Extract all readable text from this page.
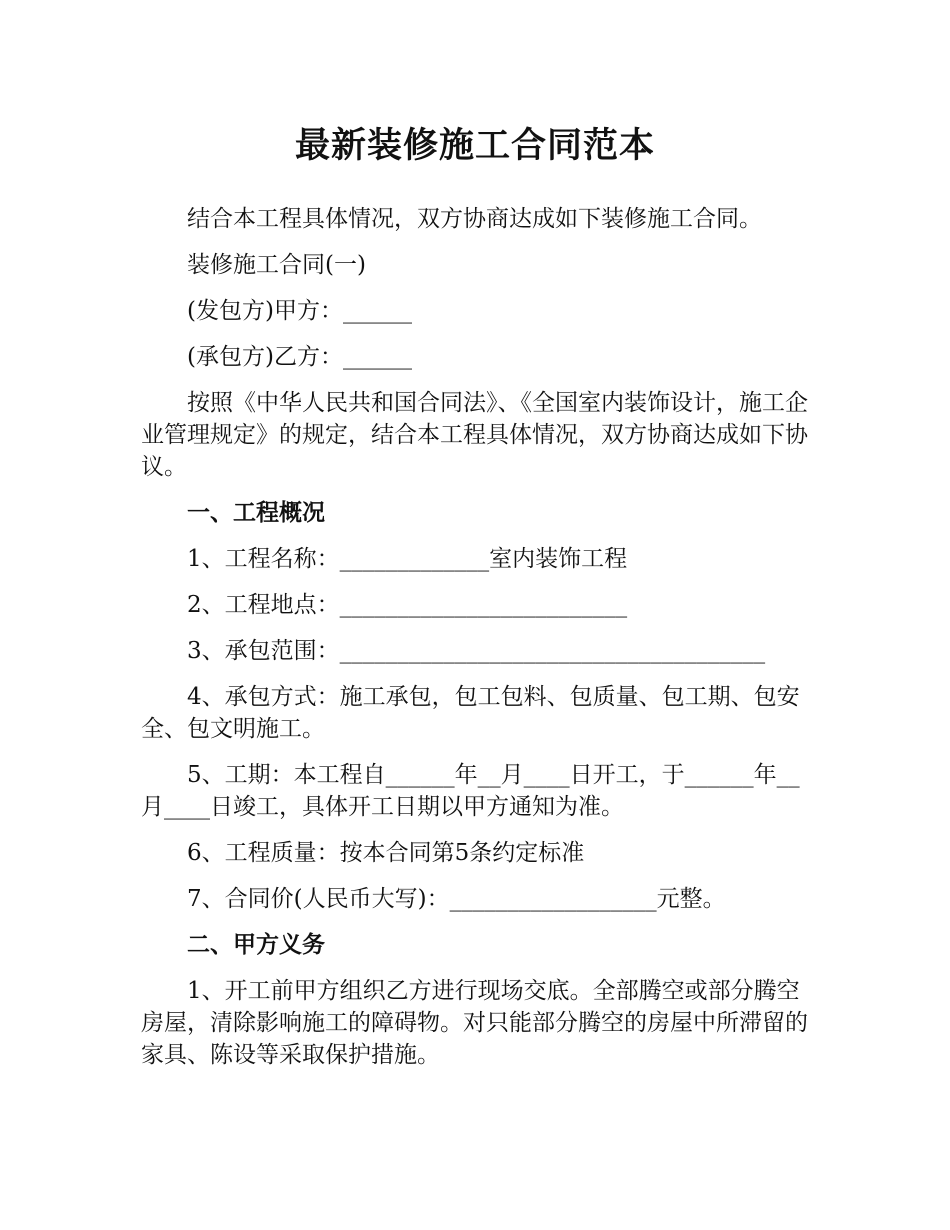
最新装修施工合同范本

结合本工程具体情况，双方协商达成如下装修施工合同。

装修施工合同(一)

(发包方)甲方：______

(承包方)乙方：______

按照《中华人民共和国合同法》、《全国室内装饰设计，施工企业管理规定》的规定，结合本工程具体情况，双方协商达成如下协议。

一、工程概况

1、工程名称：_____________室内装饰工程

2、工程地点：_________________________

3、承包范围：_____________________________________

4、承包方式：施工承包，包工包料、包质量、包工期、包安全、包文明施工。

5、工期：本工程自______年__月____日开工，于______年__月____日竣工，具体开工日期以甲方通知为准。

6、工程质量：按本合同第5条约定标准

7、合同价(人民币大写)：__________________元整。

二、甲方义务

1、开工前甲方组织乙方进行现场交底。全部腾空或部分腾空房屋，清除影响施工的障碍物。对只能部分腾空的房屋中所滞留的家具、陈设等采取保护措施。
